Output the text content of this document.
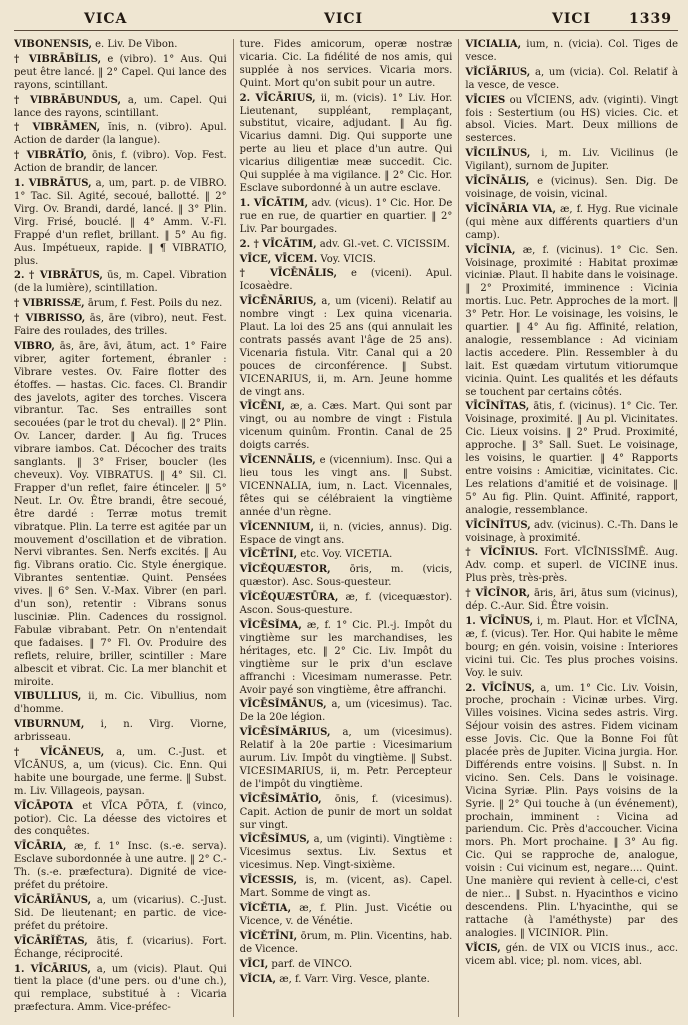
VICA	VICI	VICI	1339

VIBŌNENSIS, e. Liv. De Vibon.

† VIBRĀBĬLIS, e (vibro). 1° Aus. Qui peut être lancé. ‖ 2° Capel. Qui lance des rayons, scintillant.

† VIBRĀBUNDUS, a, um. Capel. Qui lance des rayons, scintillant.

† VIBRĀMEN, ĭnis, n. (vibro). Apul. Action de darder (la langue).

† VIBRĀTĬO, ōnis, f. (vibro). Vop. Fest. Action de brandir, de lancer.

1. VIBRĀTUS, a, um, part. p. de VIBRO. 1° Tac. Sil. Agité, secoué, ballotté. ‖ 2° Virg. Ov. Brandi, dardé, lancé. ‖ 3° Plin. Virg. Frisé, bouclé. ‖ 4° Amm. V.-Fl. Frappé d'un reflet, brillant. ‖ 5° Au fig. Aus. Impétueux, rapide. ‖ ¶ VIBRATIO, plus.

2. † VIBRĀTUS, ūs, m. Capel. Vibration (de la lumière), scintillation.

† VIBRISSÆ, ārum, f. Fest. Poils du nez.

† VIBRISSO, ās, āre (vibro), neut. Fest. Faire des roulades, des trilles.

VIBRO, ās, āre, āvi, ātum, act. 1° Faire vibrer, agiter fortement, ébranler : Vibrare vestes. Ov. Faire flotter des étoffes. — hastas. Cic. faces. Cl. Brandir des javelots, agiter des torches. Viscera vibrantur. Tac. Ses entrailles sont secouées (par le trot du cheval). ‖ 2° Plin. Ov. Lancer, darder. ‖ Au fig. Truces vibrare iambos. Cat. Décocher des traits sanglants. ‖ 3° Friser, boucler (les cheveux). Voy. VIBRATUS. ‖ 4° Sil. Cl. Frapper d'un reflet, faire étinceler. ‖ 5° Neut. Lr. Ov. Être brandi, être secoué, être dardé : Terræ motus tremit vibratque. Plin. La terre est agitée par un mouvement d'oscillation et de vibration. Nervi vibrantes. Sen. Nerfs excités. ‖ Au fig. Vibrans oratio. Cic. Style énergique. Vibrantes sententiæ. Quint. Pensées vives. ‖ 6° Sen. V.-Max. Vibrer (en parl. d'un son), retentir : Vibrans sonus lusciniæ. Plin. Cadences du rossignol. Fabulæ vibrabant. Petr. On n'entendait que fadaises. ‖ 7° Fl. Ov. Produire des reflets, reluire, briller, scintiller : Mare albescit et vibrat. Cic. La mer blanchit et miroite.

VIBULLIUS, ii, m. Cic. Vibullius, nom d'homme.

VIBURNUM, i, n. Virg. Viorne, arbrisseau.

† VĪCĀNEUS, a, um. C.-Just. et VĪCĀNUS, a, um (vicus). Cic. Enn. Qui habite une bourgade, une ferme. ‖ Subst. m. Liv. Villageois, paysan.

VĪCĀPOTA et VĪCA PŌTA, f. (vinco, potior). Cic. La déesse des victoires et des conquêtes.

VĪCĀRIA, æ, f. 1° Insc. (s.-e. serva). Esclave subordonnée à une autre. ‖ 2° C.-Th. (s.-e. præfectura). Dignité de vice-préfet du prétoire.

VĪCĀRĬĀNUS, a, um (vicarius). C.-Just. Sid. De lieutenant; en partic. de vice-préfet du prétoire.

VĪCĀRĬĔTAS, ātis, f. (vicarius). Fort. Échange, réciprocité.

1. VĪCĀRIUS, a, um (vicis). Plaut. Qui tient la place (d'une pers. ou d'une ch.), qui remplace, substitué à : Vicaria præfectura. Amm. Vice-préfec-

ture. Fides amicorum, operæ nostræ vicaria. Cic. La fidélité de nos amis, qui supplée à nos services. Vicaria mors. Quint. Mort qu'on subit pour un autre.

2. VĪCĀRIUS, ii, m. (vicis). 1° Liv. Hor. Lieutenant, suppléant, remplaçant, substitut, vicaire, adjudant. ‖ Au fig. Vicarius damni. Dig. Qui supporte une perte au lieu et place d'un autre. Qui vicarius diligentiæ meæ succedit. Cic. Qui supplée à ma vigilance. ‖ 2° Cic. Hor. Esclave subordonné à un autre esclave.

1. VĪCĀTIM, adv. (vicus). 1° Cic. Hor. De rue en rue, de quartier en quartier. ‖ 2° Liv. Par bourgades.

2. † VĪCĀTIM, adv. Gl.-vet. C. VICISSIM.

VĪCE, VĪCEM. Voy. VICIS.

† VĪCĒNĀLIS, e (viceni). Apul. Icosaèdre.

VĪCĒNĀRIUS, a, um (viceni). Relatif au nombre vingt : Lex quina vicenaria. Plaut. La loi des 25 ans (qui annulait les contrats passés avant l'âge de 25 ans). Vicenaria fistula. Vitr. Canal qui a 20 pouces de circonférence. ‖ Subst. VICENARIUS, ii, m. Arn. Jeune homme de vingt ans.

VĪCĒNI, æ, a. Cæs. Mart. Qui sont par vingt, ou au nombre de vingt : Fistula vicenum quinûm. Frontin. Canal de 25 doigts carrés.

VĪCENNĀLIS, e (vicennium). Insc. Qui a lieu tous les vingt ans. ‖ Subst. VICENNALIA, ium, n. Lact. Vicennales, fêtes qui se célébraient la vingtième année d'un règne.

VĪCENNIUM, ii, n. (vicies, annus). Dig. Espace de vingt ans.

VĪCĒTĪNI, etc. Voy. VICETIA.

VĪCĔQUÆSTOR, ōris, m. (vicis, quæstor). Asc. Sous-questeur.

VĪCĔQUÆSTŪRA, æ, f. (vicequæstor). Ascon. Sous-questure.

VĪCĒSĬMA, æ, f. 1° Cic. Pl.-j. Impôt du vingtième sur les marchandises, les héritages, etc. ‖ 2° Cic. Liv. Impôt du vingtième sur le prix d'un esclave affranchi : Vicesimam numerasse. Petr. Avoir payé son vingtième, être affranchi.

VĪCĒSĬMĀNUS, a, um (vicesimus). Tac. De la 20e légion.

VĪCĒSĬMĀRIUS, a, um (vicesimus). Relatif à la 20e partie : Vicesimarium aurum. Liv. Impôt du vingtième. ‖ Subst. VICESIMARIUS, ii, m. Petr. Percepteur de l'impôt du vingtième.

VĪCĒSĬMĀTĬO, ōnis, f. (vicesimus). Capit. Action de punir de mort un soldat sur vingt.

VĪCĒSĬMUS, a, um (viginti). Vingtième : Vicesimus sextus. Liv. Sextus et vicesimus. Nep. Vingt-sixième.

VĪCESSIS, is, m. (vicent, as). Capel. Mart. Somme de vingt as.

VĬCĔTIA, æ, f. Plin. Just. Vicétie ou Vicence, v. de Vénétie.

VĬCĔTĪNI, ōrum, m. Plin. Vicentins, hab. de Vicence.

VĪCI, parf. de VINCO.

VĬCIA, æ, f. Varr. Virg. Vesce, plante.

VĬCĬĀLIA, ium, n. (vicia). Col. Tiges de vesce.

VĬCĬĀRIUS, a, um (vicia). Col. Relatif à la vesce, de vesce.

VĪCIES ou VĪCIENS, adv. (viginti). Vingt fois : Sestertium (ou HS) vicies. Cic. et absol. Vicies. Mart. Deux millions de sesterces.

VĪCILĪNUS, i, m. Liv. Vicilinus (le Vigilant), surnom de Jupiter.

VĪCĪNĀLIS, e (vicinus). Sen. Dig. De voisinage, de voisin, vicinal.

VĪCĪNĀRIA VIA, æ, f. Hyg. Rue vicinale (qui mène aux différents quartiers d'un camp).

VĪCĪNIA, æ, f. (vicinus). 1° Cic. Sen. Voisinage, proximité : Habitat proximæ viciniæ. Plaut. Il habite dans le voisinage. ‖ 2° Proximité, imminence : Vicinia mortis. Luc. Petr. Approches de la mort. ‖ 3° Petr. Hor. Le voisinage, les voisins, le quartier. ‖ 4° Au fig. Affinité, relation, analogie, ressemblance : Ad viciniam lactis accedere. Plin. Ressembler à du lait. Est quædam virtutum vitiorumque vicinia. Quint. Les qualités et les défauts se touchent par certains côtés.

VĪCĪNĬTAS, ātis, f. (vicinus). 1° Cic. Ter. Voisinage, proximité. ‖ Au pl. Vicinitates. Cic. Lieux voisins. ‖ 2° Prud. Proximité, approche. ‖ 3° Sall. Suet. Le voisinage, les voisins, le quartier. ‖ 4° Rapports entre voisins : Amicitiæ, vicinitates. Cic. Les relations d'amitié et de voisinage. ‖ 5° Au fig. Plin. Quint. Affinité, rapport, analogie, ressemblance.

VĪCĪNĬTUS, adv. (vicinus). C.-Th. Dans le voisinage, à proximité.

† VĪCĪNIUS. Fort. VĪCĪNISSĬMĒ. Aug. Adv. comp. et superl. de VICINE inus. Plus près, très-près.

† VĪCĪNOR, āris, āri, ātus sum (vicinus), dép. C.-Aur. Sid. Être voisin.

1. VĪCĪNUS, i, m. Plaut. Hor. et VĪCĪNA, æ, f. (vicus). Ter. Hor. Qui habite le même bourg; en gén. voisin, voisine : Interiores vicini tui. Cic. Tes plus proches voisins. Voy. le suiv.

2. VĪCĪNUS, a, um. 1° Cic. Liv. Voisin, proche, prochain : Vicinæ urbes. Virg. Villes voisines. Vicina sedes astris. Virg. Séjour voisin des astres. Fidem vicinam esse Jovis. Cic. Que la Bonne Foi fût placée près de Jupiter. Vicina jurgia. Hor. Différends entre voisins. ‖ Subst. n. In vicino. Sen. Cels. Dans le voisinage. Vicina Syriæ. Plin. Pays voisins de la Syrie. ‖ 2° Qui touche à (un événement), prochain, imminent : Vicina ad pariendum. Cic. Près d'accoucher. Vicina mors. Ph. Mort prochaine. ‖ 3° Au fig. Cic. Qui se rapproche de, analogue, voisin : Cui vicinum est, negare.... Quint. Une manière qui revient à celle-ci, c'est de nier... ‖ Subst. n. Hyacinthos e vicino descendens. Plin. L'hyacinthe, qui se rattache (à l'améthyste) par des analogies. ‖ VICINIOR. Plin.

VĬCIS, gén. de VIX ou VICIS inus., acc. vicem abl. vice; pl. nom. vices, abl.
